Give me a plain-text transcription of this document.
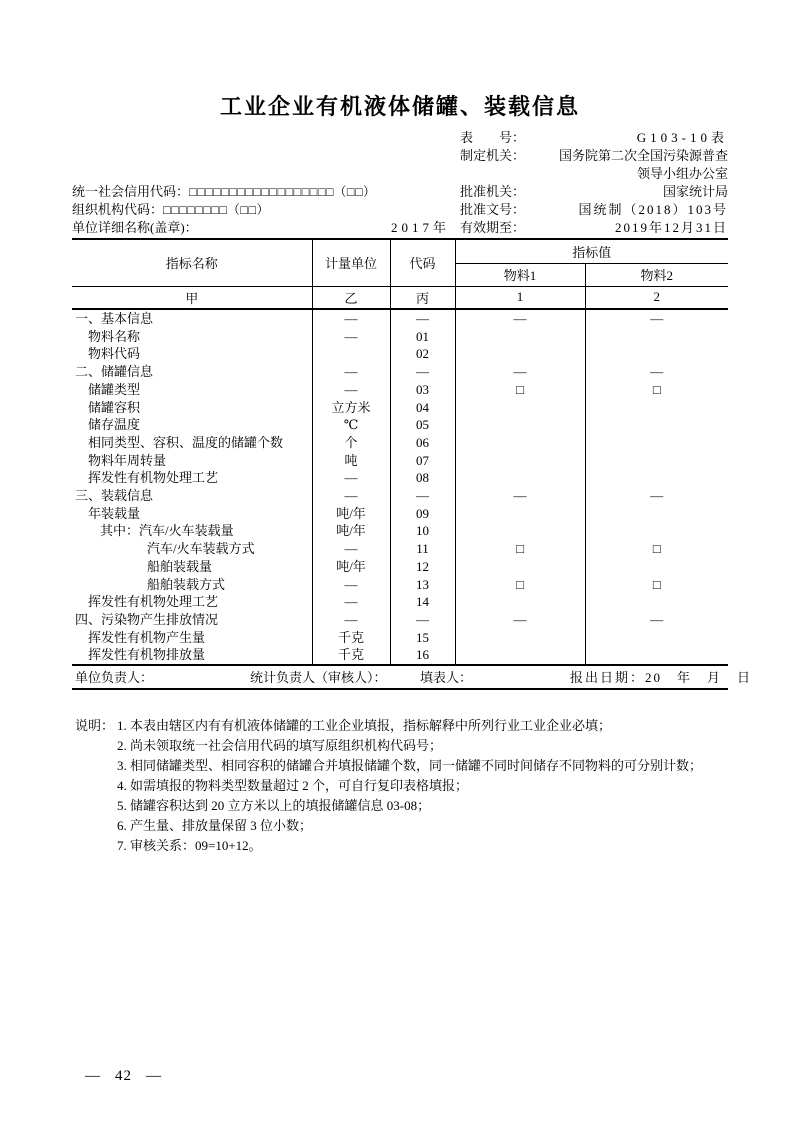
工业企业有机液体储罐、装载信息
表　　号：	G103-10表
制定机关：	国务院第二次全国污染源普查
领导小组办公室
统一社会信用代码： □□□□□□□□□□□□□□□□□□（□□）	批准机关：	国家统计局
组织机构代码： □□□□□□□□（□□）	批准文号：	国统制（2018）103号
单位详细名称(盖章)：	2017年 有效期至：	2019年12月31日
指标名称	计量单位	代码	指标值	
			物料1	物料2
甲	乙	丙	1	2
一、基本信息	—	—	—	—
物料名称	—	01		
物料代码		02		
二、储罐信息	—	—	—	—
储罐类型	—	03	□	□
储罐容积	立方米	04		
储存温度	℃	05		
相同类型、容积、温度的储罐个数	个	06		
物料年周转量	吨	07		
挥发性有机物处理工艺	—	08		
三、装载信息	—	—	—	—
年装载量	吨/年	09		
其中：汽车/火车装载量	吨/年	10		
汽车/火车装载方式	—	11	□	□
船舶装载量	吨/年	12		
船舶装载方式	—	13	□	□
挥发性有机物处理工艺	—	14		
四、污染物产生排放情况	—	—	—	—
挥发性有机物产生量	千克	15		
挥发性有机物排放量	千克	16		
单位负责人：	统计负责人（审核人）：	填表人：	报出日期：20　年　月　日
说明： 1. 本表由辖区内有有机液体储罐的工业企业填报，指标解释中所列行业工业企业必填；
2. 尚未领取统一社会信用代码的填写原组织机构代码号；
3. 相同储罐类型、相同容积的储罐合并填报储罐个数，同一储罐不同时间储存不同物料的可分别计数；
4. 如需填报的物料类型数量超过 2 个，可自行复印表格填报；
5. 储罐容积达到 20 立方米以上的填报储罐信息 03-08；
6. 产生量、排放量保留 3 位小数；
7. 审核关系：09=10+12。
— 42 —
